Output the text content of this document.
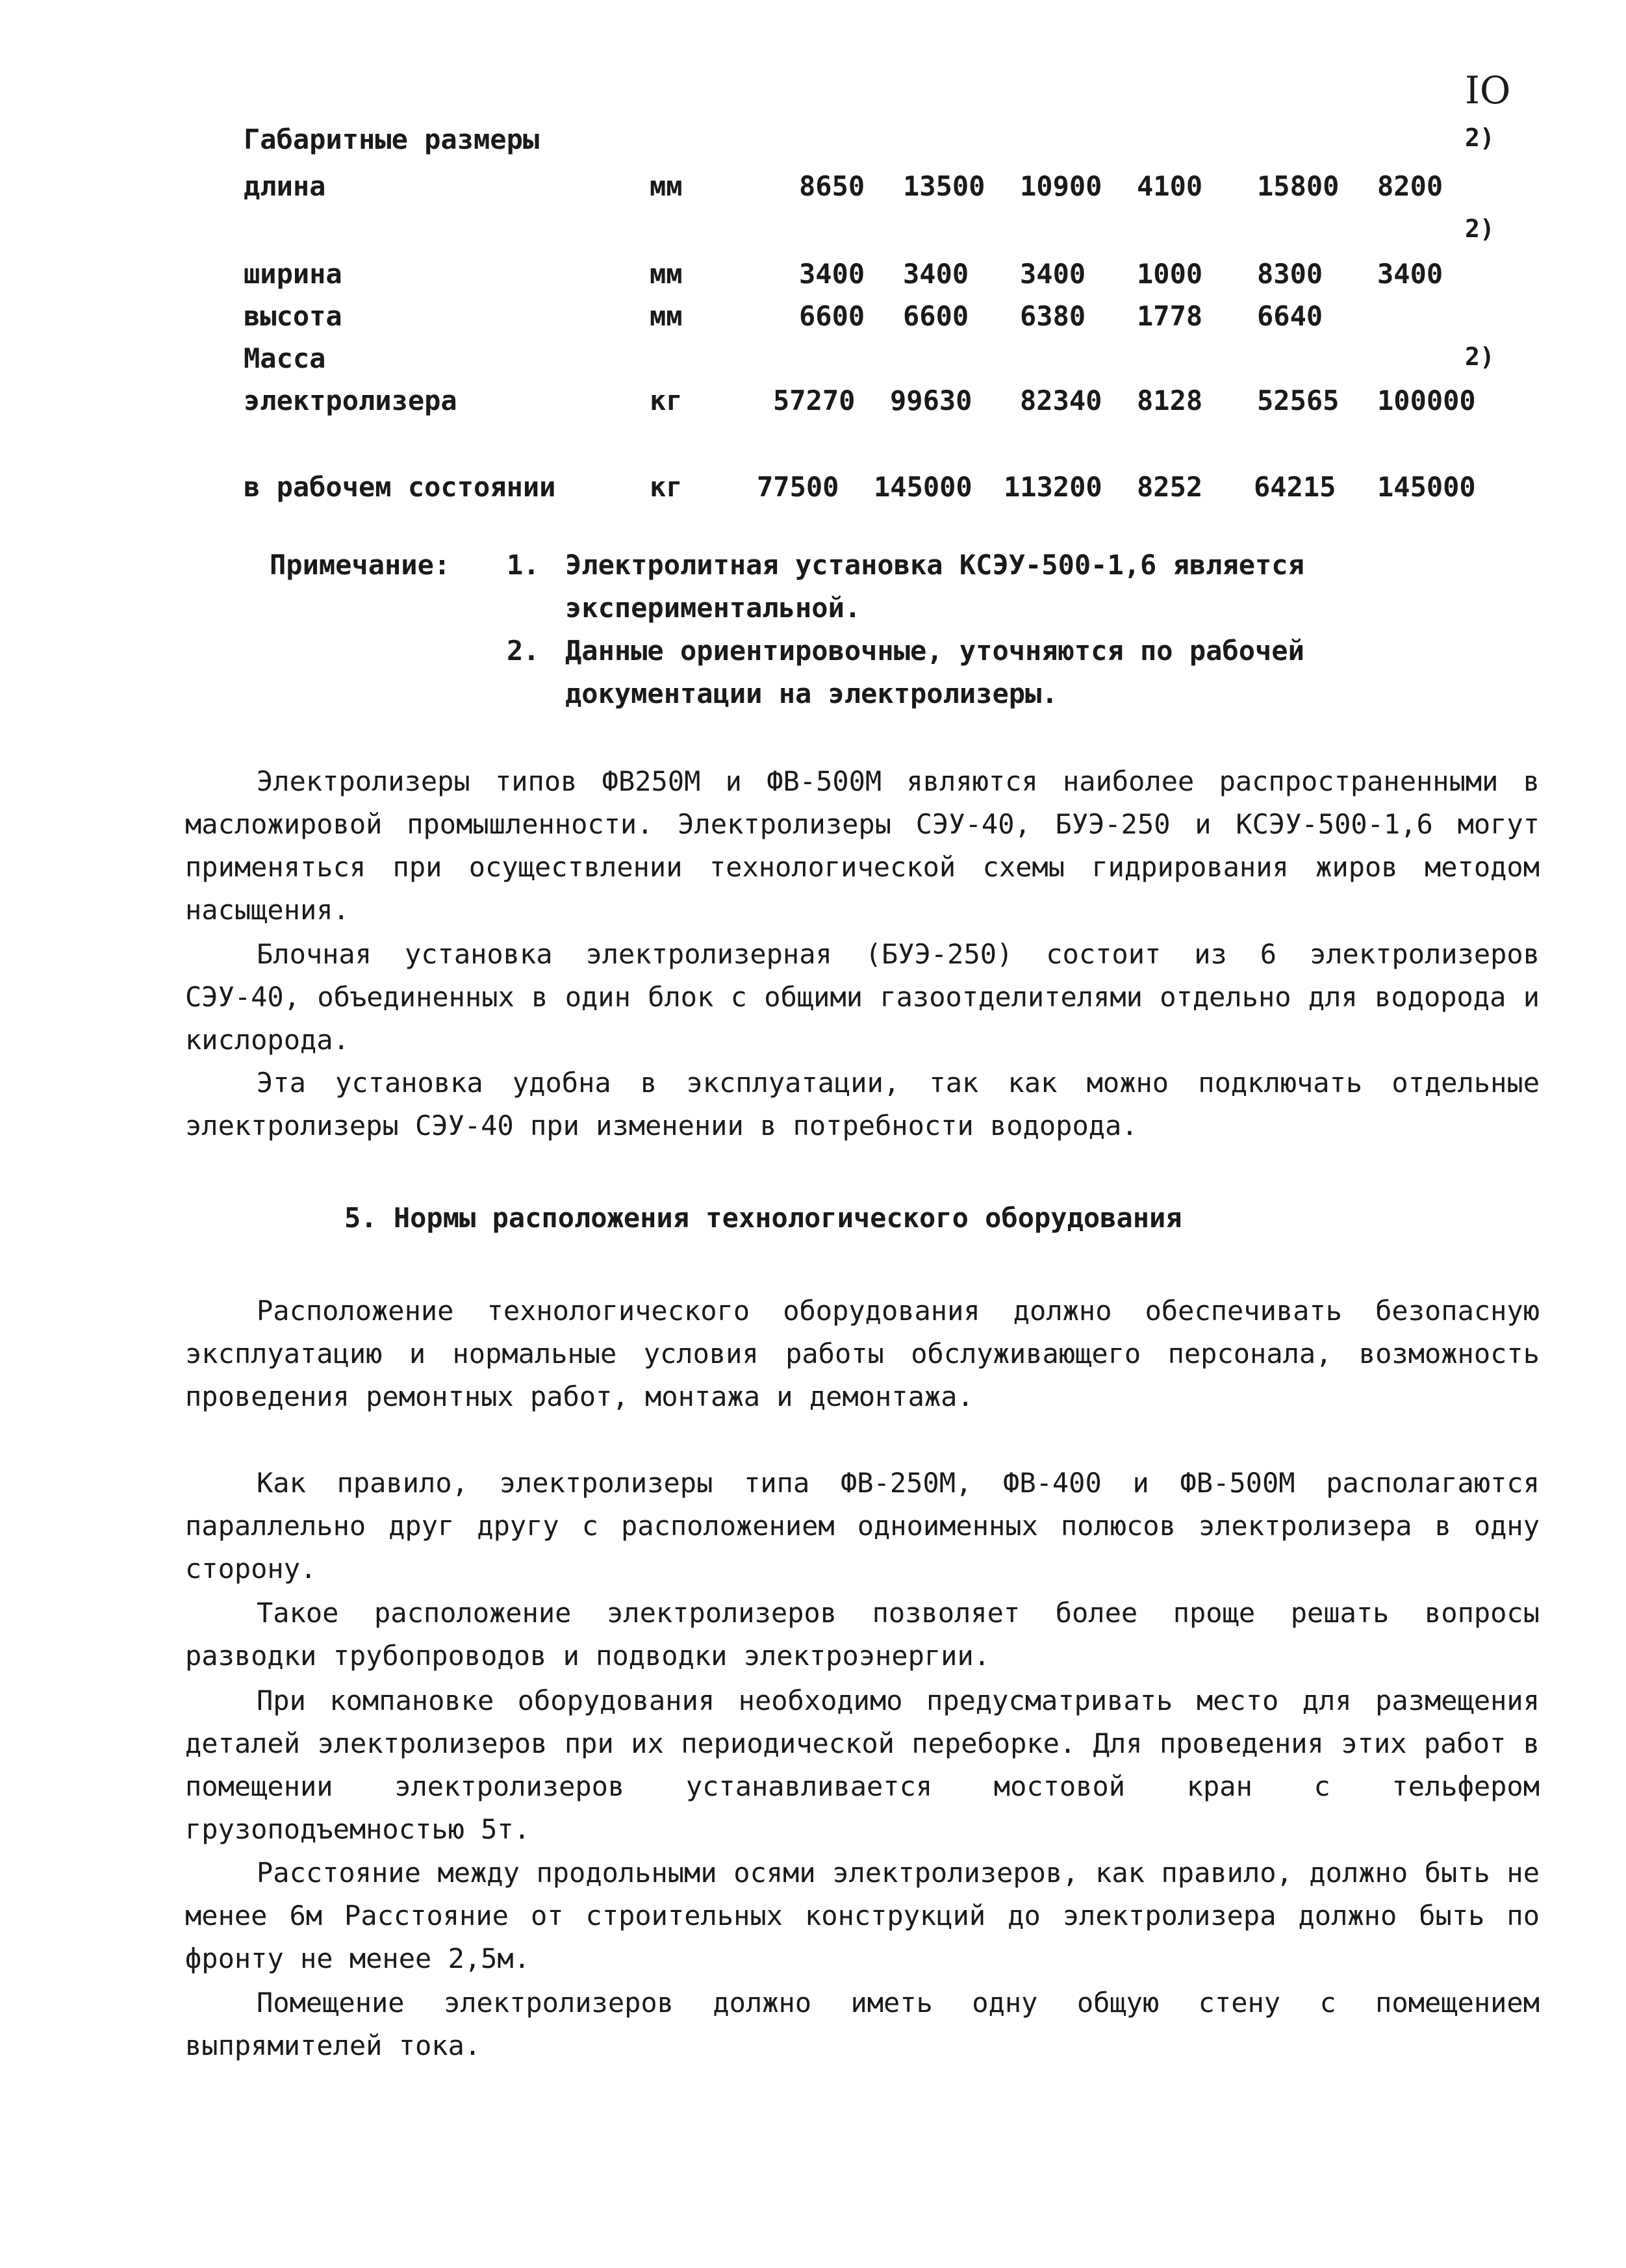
IO
Габаритные размеры	2)
длина	мм	8650 13500 10900 4100 15800 8200
2)
ширина	мм	3400 3400 3400 1000 8300 3400
высота	мм	6600 6600 6380 1778 6640
Масса	2)
электролизера	кг	57270 99630 82340 8128 52565 100000
в рабочем состоянии	кг	77500 145000 113200 8252 64215 145000
Примечание: 1. Электролитная установка КСЭУ-500-1,6 является
экспериментальной.
2. Данные ориентировочные, уточняются по рабочей
документации на электролизеры.

Электролизеры типов ФВ250М и ФВ-500М являются наиболее распространенными в масложировой промышленности. Электролизеры СЭУ-40, БУЭ-250 и КСЭУ-500-1,6 могут применяться при осуществлении технологической схемы гидрирования жиров методом насыщения.

Блочная установка электролизерная (БУЭ-250) состоит из 6 электролизеров СЭУ-40, объединенных в один блок с общими газоотделителями отдельно для водорода и кислорода.

Эта установка удобна в эксплуатации, так как можно подключать отдельные электролизеры СЭУ-40 при изменении в потребности водорода.

5. Нормы расположения технологического оборудования

Расположение технологического оборудования должно обеспечивать безопасную эксплуатацию и нормальные условия работы обслуживающего персонала, возможность проведения ремонтных работ, монтажа и демонтажа.

Как правило, электролизеры типа ФВ-250М, ФВ-400 и ФВ-500М располагаются параллельно друг другу с расположением одноименных полюсов электролизера в одну сторону.

Такое расположение электролизеров позволяет более проще решать вопросы разводки трубопроводов и подводки электроэнергии.

При компановке оборудования необходимо предусматривать место для размещения деталей электролизеров при их периодической переборке. Для проведения этих работ в помещении электролизеров устанавливается мостовой кран с тельфером грузоподъемностью 5т.

Расстояние между продольными осями электролизеров, как правило, должно быть не менее 6м Расстояние от строительных конструкций до электролизера должно быть по фронту не менее 2,5м.

Помещение электролизеров должно иметь одну общую стену с помещением выпрямителей тока.
